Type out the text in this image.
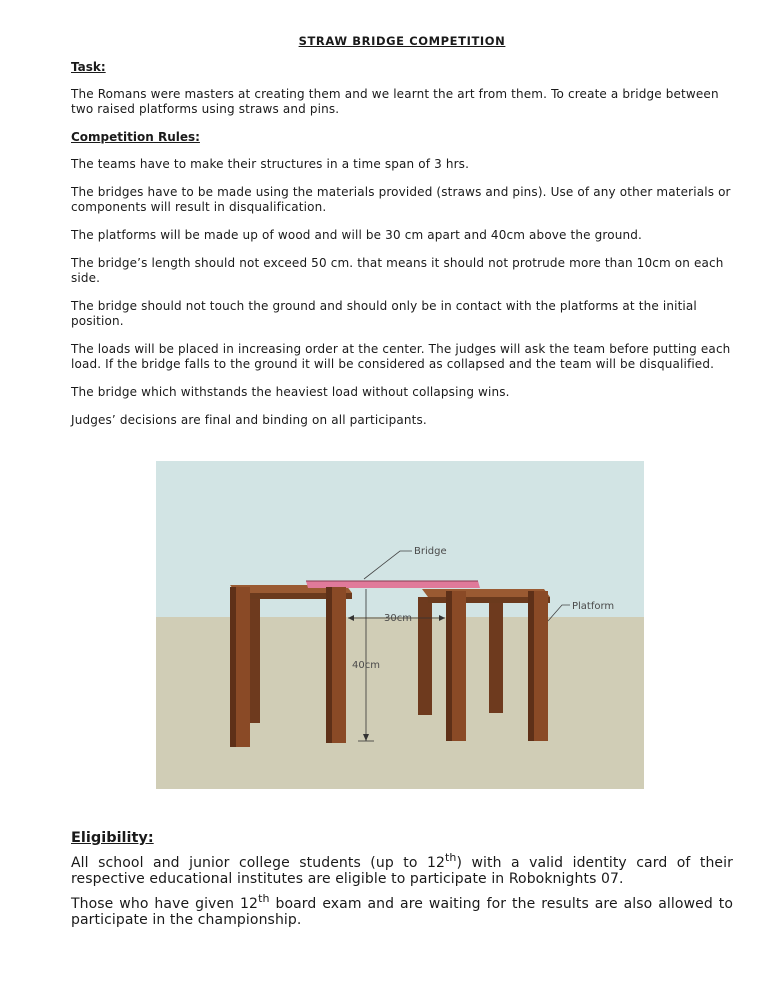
STRAW BRIDGE COMPETITION
Task:

The Romans were masters at creating them and we learnt the art from them. To create a bridge between two raised platforms using straws and pins.

Competition Rules:

The teams have to make their structures in a time span of 3 hrs.

The bridges have to be made using the materials provided (straws and pins). Use of any other materials or components will result in disqualification.

The platforms will be made up of wood and will be 30 cm apart and 40cm above the ground.

The bridge’s length should not exceed 50 cm. that means it should not protrude more than 10cm on each side.

The bridge should not touch the ground and should only be in contact with the platforms at the initial position.

The loads will be placed in increasing order at the center. The judges will ask the team before putting each load. If the bridge falls to the ground it will be considered as collapsed and the team will be disqualified.

The bridge which withstands the heaviest load without collapsing wins.

Judges’ decisions are final and binding on all participants.

Bridge
Platform
30cm
40cm
Eligibility:

All school and junior college students (up to 12th) with a valid identity card of their respective educational institutes are eligible to participate in Roboknights 07.

Those who have given 12th board exam and are waiting for the results are also allowed to participate in the championship.
